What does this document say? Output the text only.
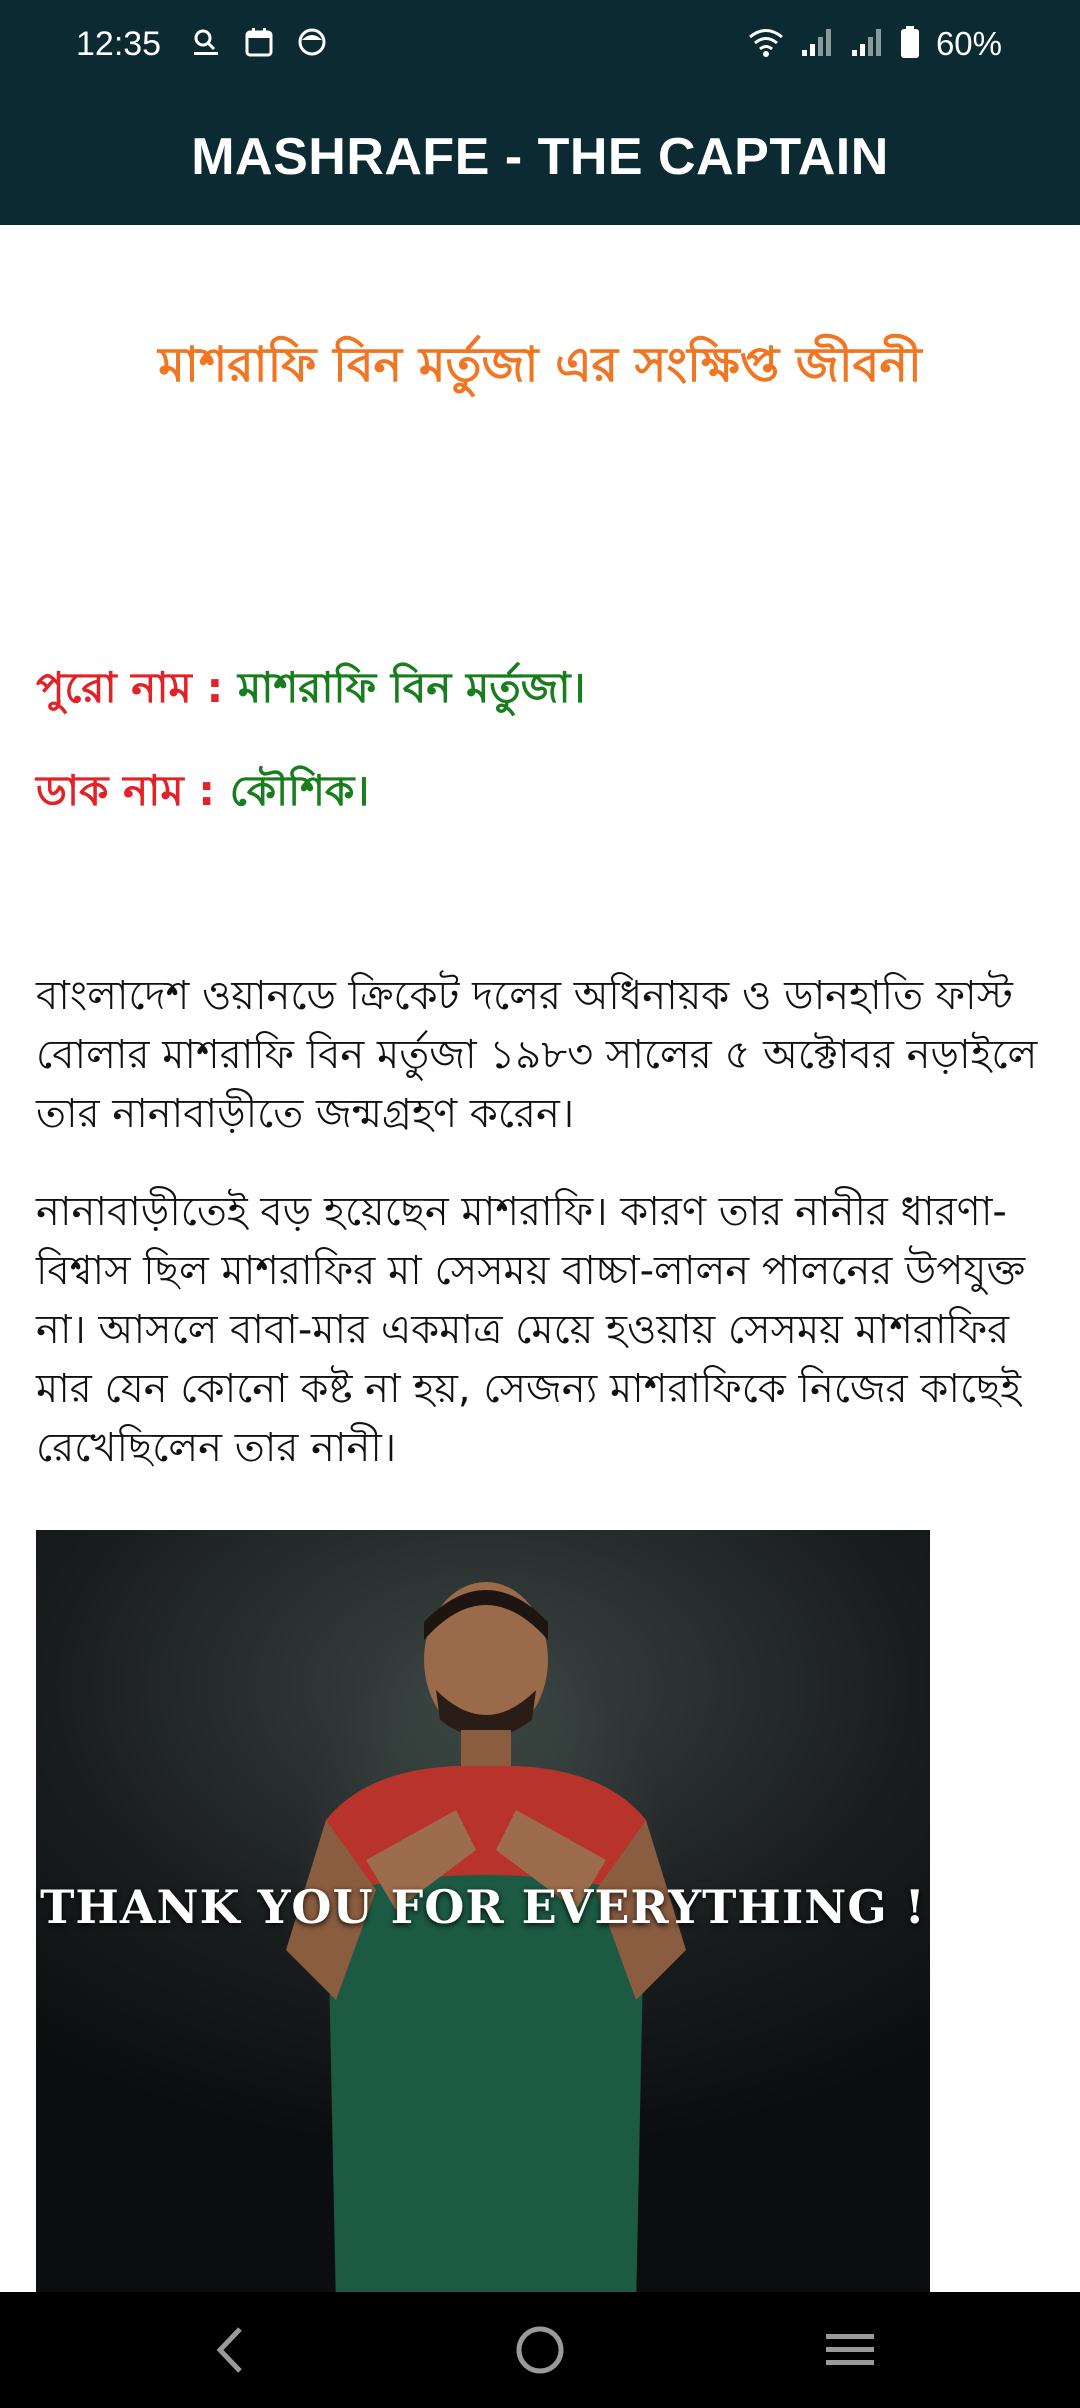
12:35	60%
MASHRAFE - THE CAPTAIN
মাশরাফি বিন মর্তুজা এর সংক্ষিপ্ত জীবনী
পুরো নাম : মাশরাফি বিন মর্তুজা।
ডাক নাম : কৌশিক।

বাংলাদেশ ওয়ানডে ক্রিকেট দলের অধিনায়ক ও ডানহাতি ফাস্ট বোলার মাশরাফি বিন মর্তুজা ১৯৮৩ সালের ৫ অক্টোবর নড়াইলে তার নানাবাড়ীতে জন্মগ্রহণ করেন।

নানাবাড়ীতেই বড় হয়েছেন মাশরাফি। কারণ তার নানীর ধারণা-বিশ্বাস ছিল মাশরাফির মা সেসময় বাচ্চা-লালন পালনের উপযুক্ত না। আসলে বাবা-মার একমাত্র মেয়ে হওয়ায় সেসময় মাশরাফির মার যেন কোনো কষ্ট না হয়, সেজন্য মাশরাফিকে নিজের কাছেই রেখেছিলেন তার নানী।

THANK YOU FOR EVERYTHING !
